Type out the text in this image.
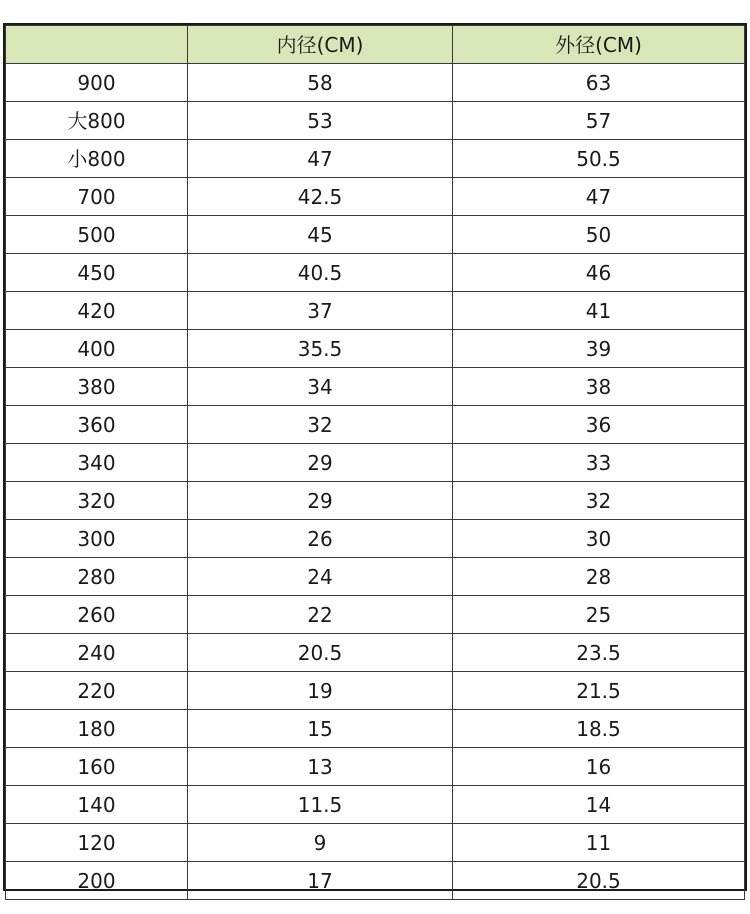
	内径(CM)	外径(CM)
900	58	63
大800	53	57
小800	47	50.5
700	42.5	47
500	45	50
450	40.5	46
420	37	41
400	35.5	39
380	34	38
360	32	36
340	29	33
320	29	32
300	26	30
280	24	28
260	22	25
240	20.5	23.5
220	19	21.5
180	15	18.5
160	13	16
140	11.5	14
120	9	11
200	17	20.5
